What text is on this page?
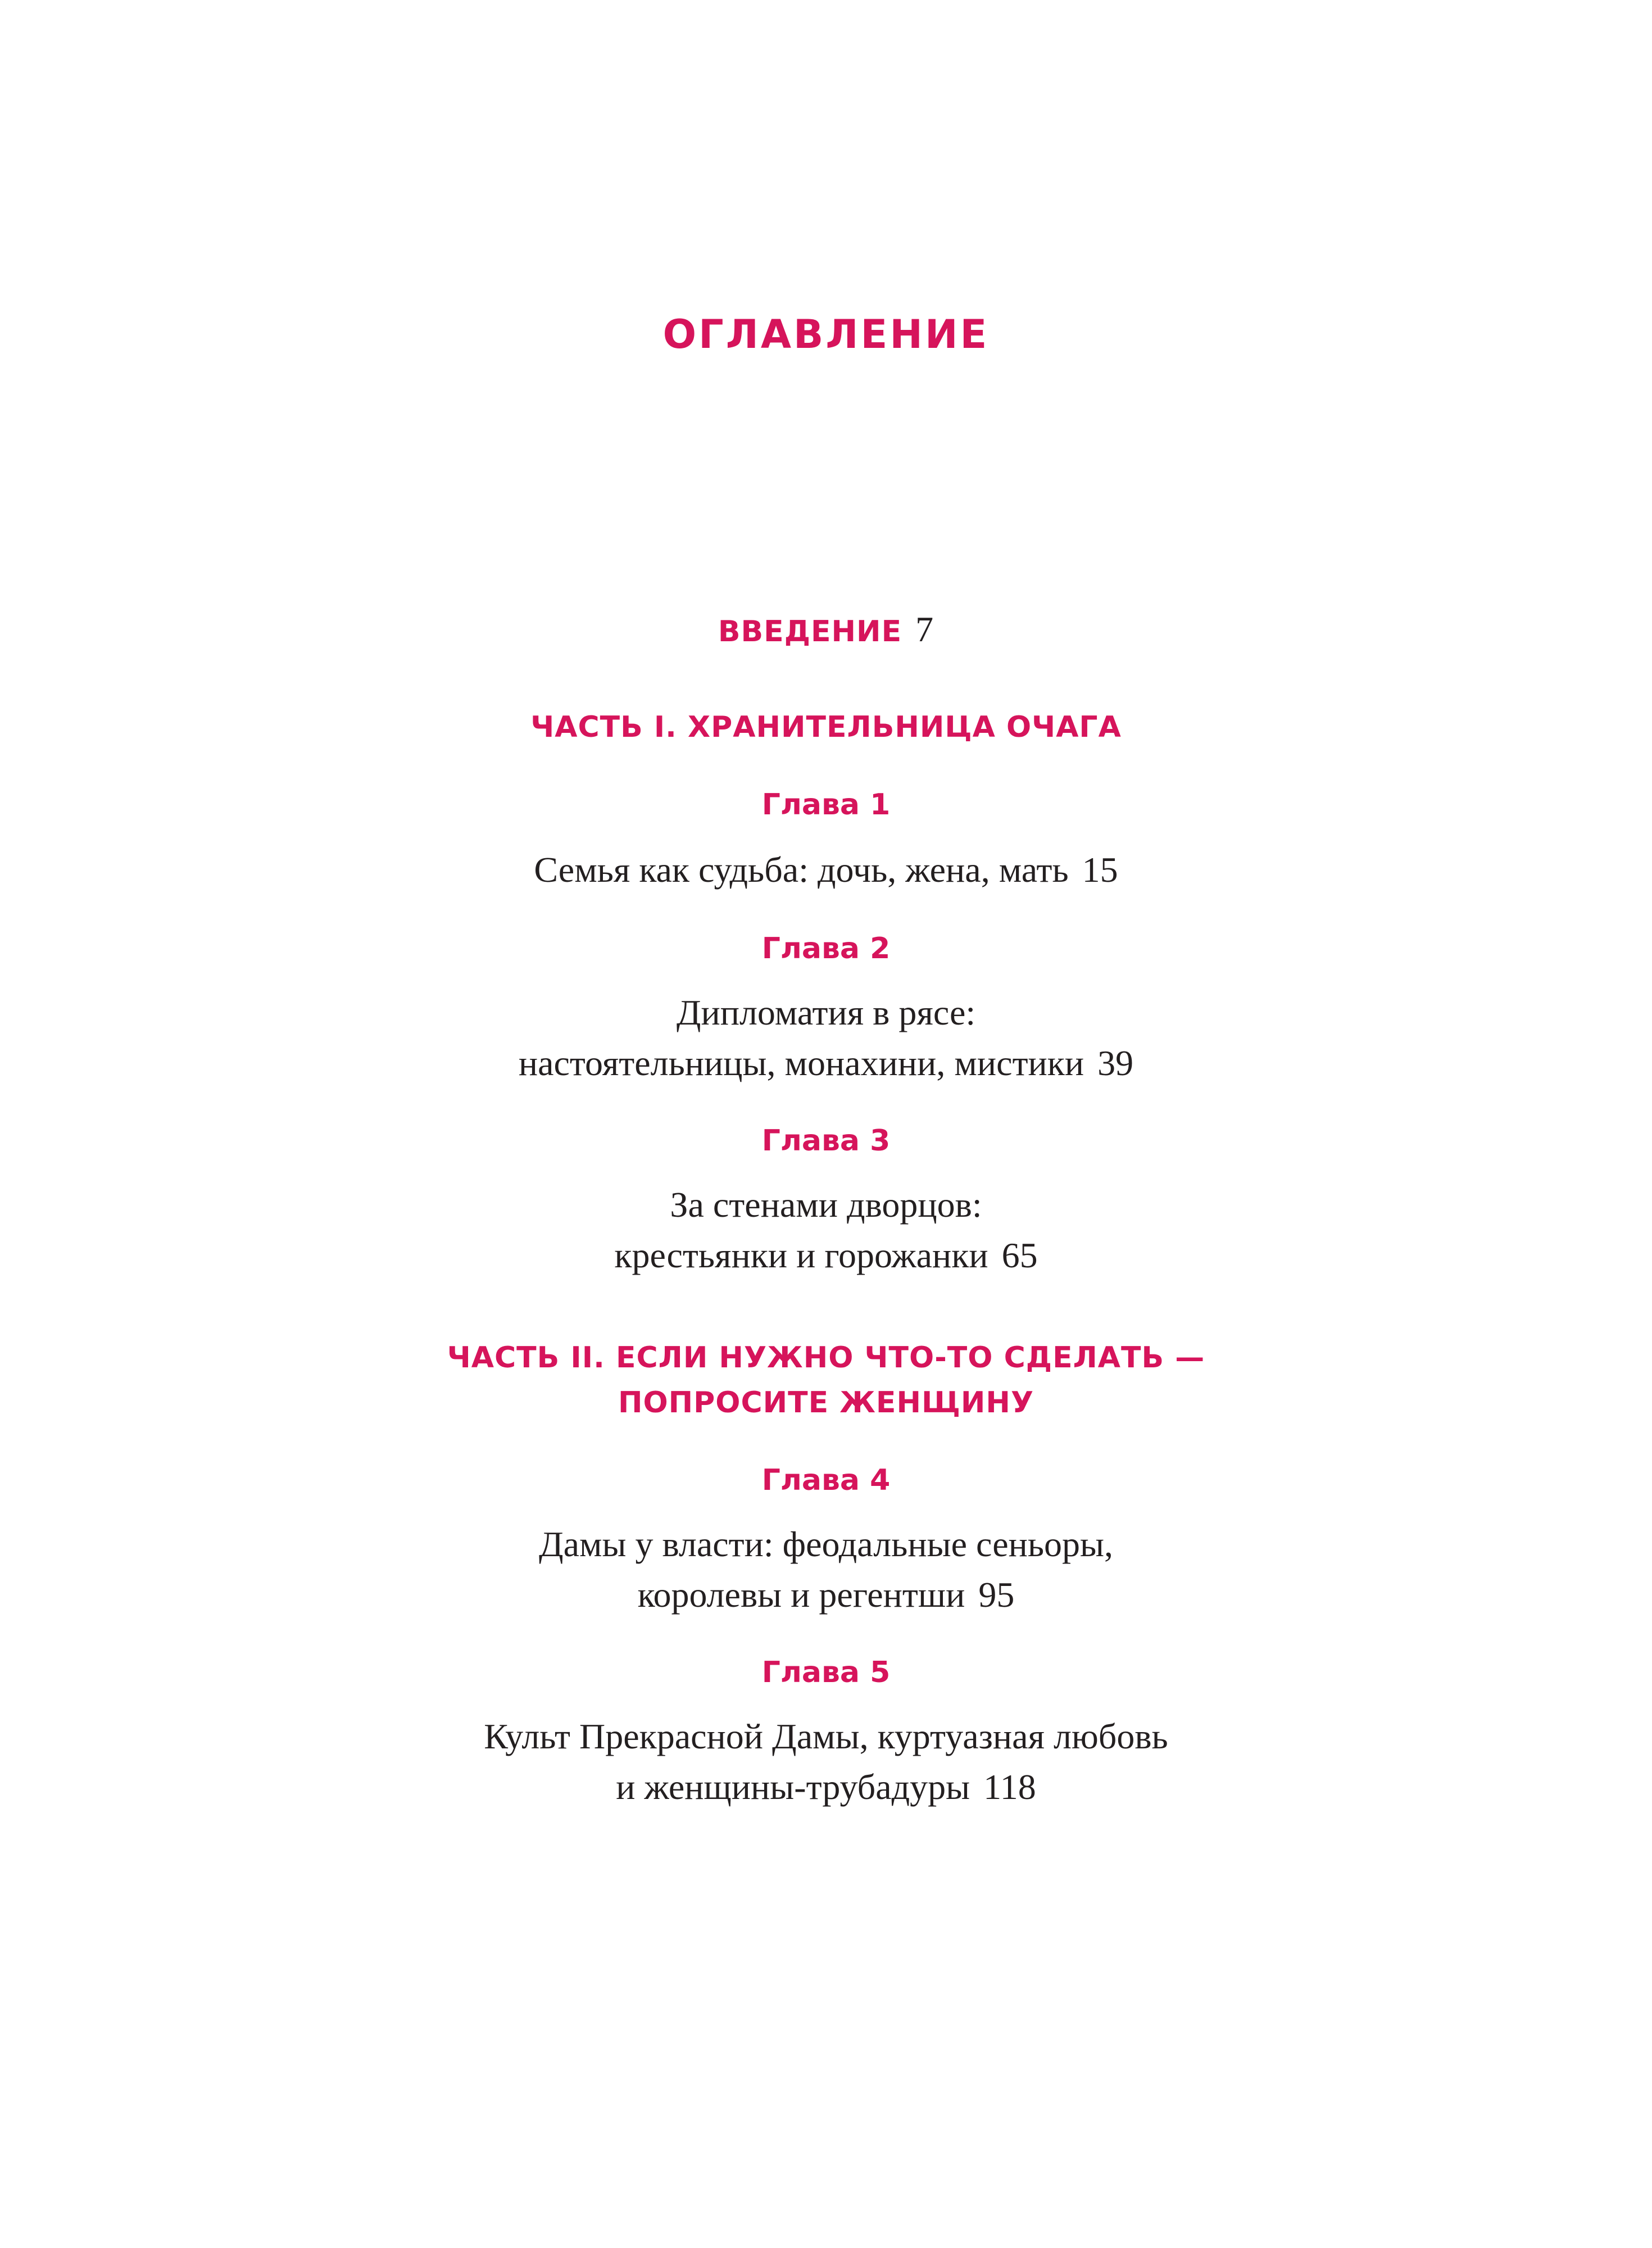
ОГЛАВЛЕНИЕ
ВВЕДЕНИЕ 7
ЧАСТЬ I. ХРАНИТЕЛЬНИЦА ОЧАГА
Глава 1
Семья как судьба: дочь, жена, мать 15
Глава 2
Дипломатия в рясе:
настоятельницы, монахини, мистики 39
Глава 3
За стенами дворцов:
крестьянки и горожанки 65
ЧАСТЬ II. ЕСЛИ НУЖНО ЧТО-ТО СДЕЛАТЬ —
ПОПРОСИТЕ ЖЕНЩИНУ
Глава 4
Дамы у власти: феодальные сеньоры,
королевы и регентши 95
Глава 5
Культ Прекрасной Дамы, куртуазная любовь
и женщины-трубадуры 118
